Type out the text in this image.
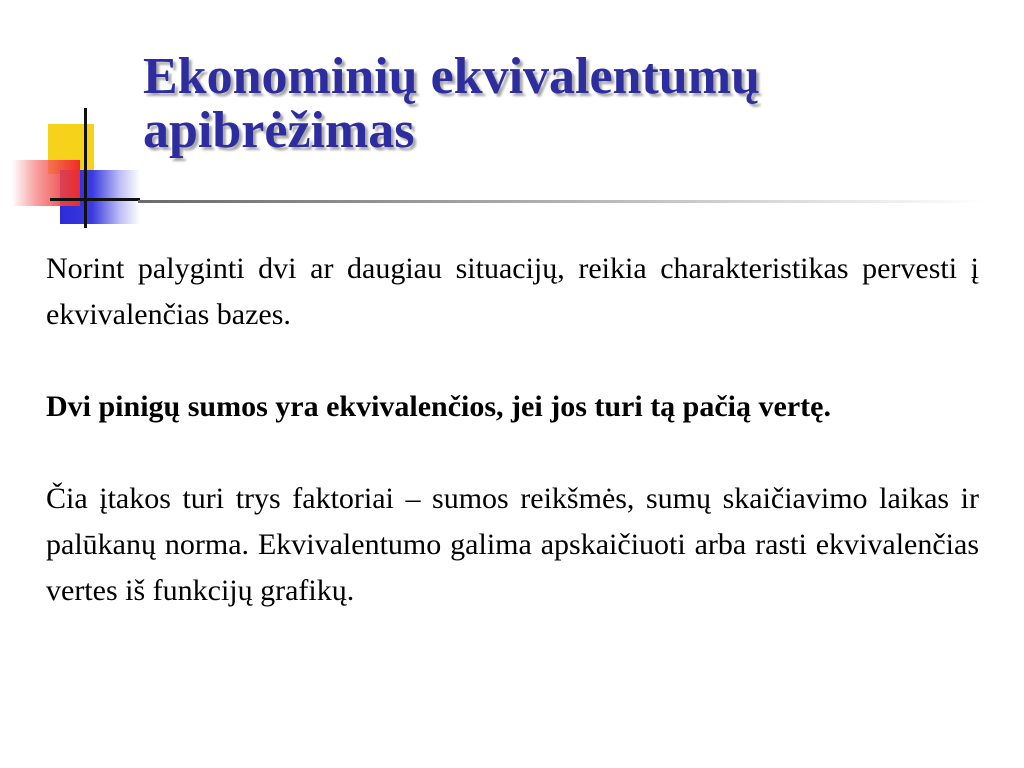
Ekonominių ekvivalentumų
apibrėžimas

Norint palyginti dvi ar daugiau situacijų, reikia charakteristikas pervesti į ekvivalenčias bazes.

Dvi pinigų sumos yra ekvivalenčios, jei jos turi tą pačią vertę.

Čia įtakos turi trys faktoriai – sumos reikšmės, sumų skaičiavimo laikas ir palūkanų norma. Ekvivalentumo galima apskaičiuoti arba rasti ekvivalenčias vertes iš funkcijų grafikų.
